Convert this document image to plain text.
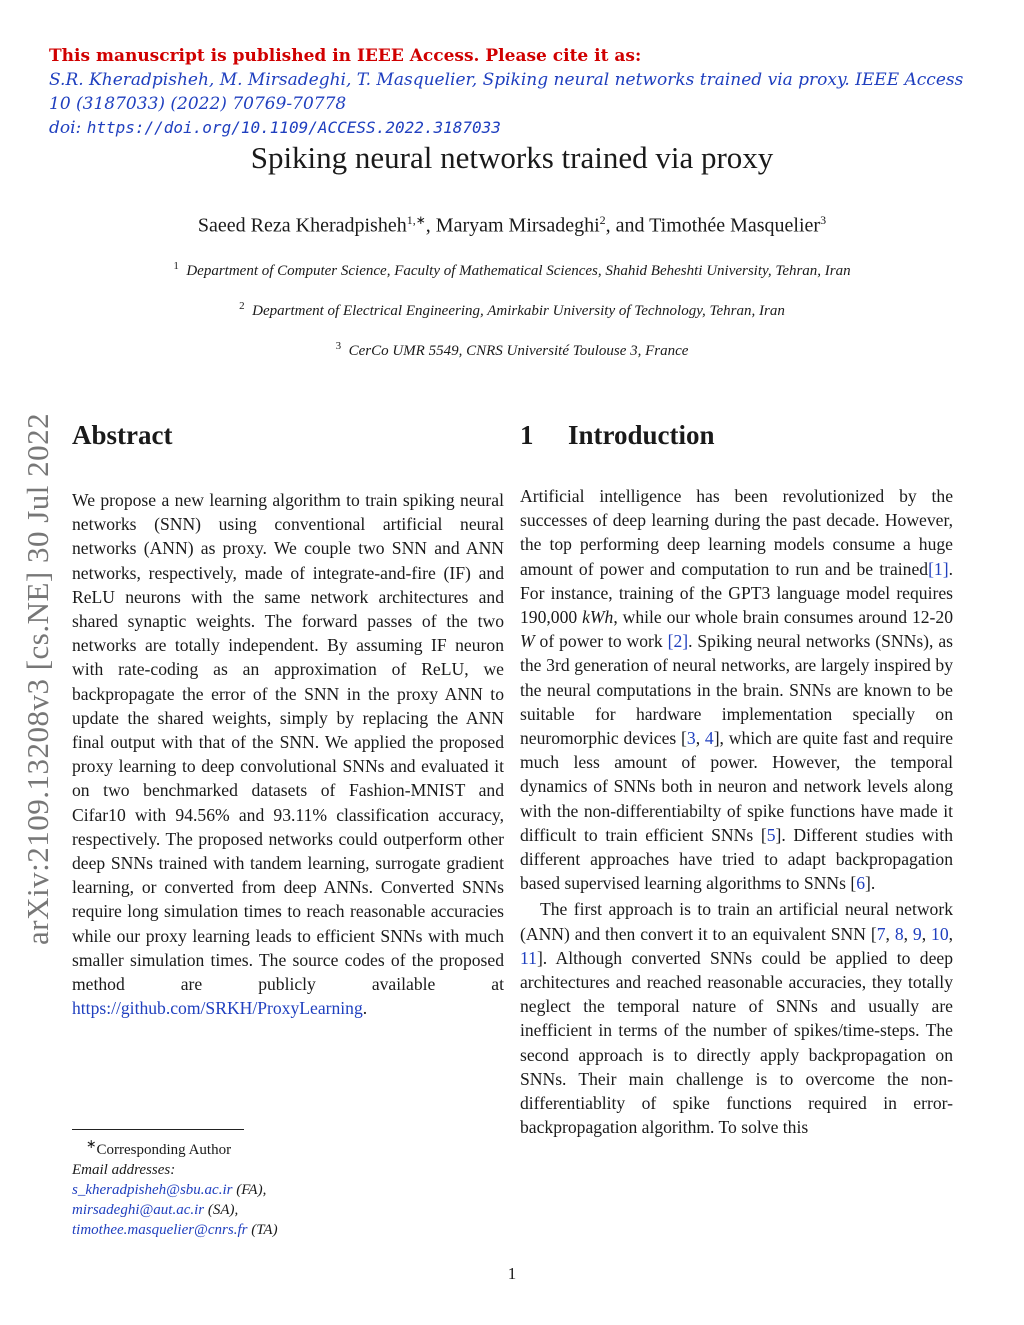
This manuscript is published in IEEE Access. Please cite it as:
S.R. Kheradpisheh, M. Mirsadeghi, T. Masquelier, Spiking neural networks trained via proxy. IEEE Access 10 (3187033) (2022) 70769-70778
doi: https://doi.org/10.1109/ACCESS.2022.3187033
Spiking neural networks trained via proxy
Saeed Reza Kheradpisheh$^{1,∗}$, Maryam Mirsadeghi$^2$, and Timothée Masquelier$^3$
$^1$ Department of Computer Science, Faculty of Mathematical Sciences, Shahid Beheshti University, Tehran, Iran
$^2$ Department of Electrical Engineering, Amirkabir University of Technology, Tehran, Iran
$^3$ CerCo UMR 5549, CNRS Université Toulouse 3, France
arXiv:2109.13208v3 [cs.NE] 30 Jul 2022 Abstract

We propose a new learning algorithm to train spiking neural networks (SNN) using conventional artificial neural networks (ANN) as proxy. We couple two SNN and ANN networks, respectively, made of integrate-and-fire (IF) and ReLU neurons with the same network architectures and shared synaptic weights. The forward passes of the two networks are totally independent. By assuming IF neuron with rate-coding as an approximation of ReLU, we backpropagate the error of the SNN in the proxy ANN to update the shared weights, simply by replacing the ANN final output with that of the SNN. We applied the proposed proxy learning to deep convolutional SNNs and evaluated it on two benchmarked datasets of Fashion-MNIST and Cifar10 with 94.56% and 93.11% classification accuracy, respectively. The proposed networks could outperform other deep SNNs trained with tandem learning, surrogate gradient learning, or converted from deep ANNs. Converted SNNs require long simulation times to reach reasonable accuracies while our proxy learning leads to efficient SNNs with much smaller simulation times. The source codes of the proposed method are publicly available at https://github.com/SRKH/ProxyLearning.

1 Introduction

Artificial intelligence has been revolutionized by the successes of deep learning during the past decade. However, the top performing deep learning models consume a huge amount of power and computation to run and be trained[1]. For instance, training of the GPT3 language model requires 190,000 kWh, while our whole brain consumes around 12-20 W of power to work [2]. Spiking neural networks (SNNs), as the 3rd generation of neural networks, are largely inspired by the neural computations in the brain. SNNs are known to be suitable for hardware implementation specially on neuromorphic devices [3, 4], which are quite fast and require much less amount of power. However, the temporal dynamics of SNNs both in neuron and network levels along with the non-differentiabilty of spike functions have made it difficult to train efficient SNNs [5]. Different studies with different approaches have tried to adapt backpropagation based supervised learning algorithms to SNNs [6].

The first approach is to train an artificial neural network (ANN) and then convert it to an equivalent SNN [7, 8, 9, 10, 11]. Although converted SNNs could be applied to deep architectures and reached reasonable accuracies, they totally neglect the temporal nature of SNNs and usually are inefficient in terms of the number of spikes/time-steps. The second approach is to directly apply backpropagation on SNNs. Their main challenge is to overcome the non-differentiablity of spike functions required in error-backpropagation algorithm. To solve this

∗Corresponding Author
Email addresses:
s_kheradpisheh@sbu.ac.ir (FA),
mirsadeghi@aut.ac.ir (SA),
timothee.masquelier@cnrs.fr (TA)
1
